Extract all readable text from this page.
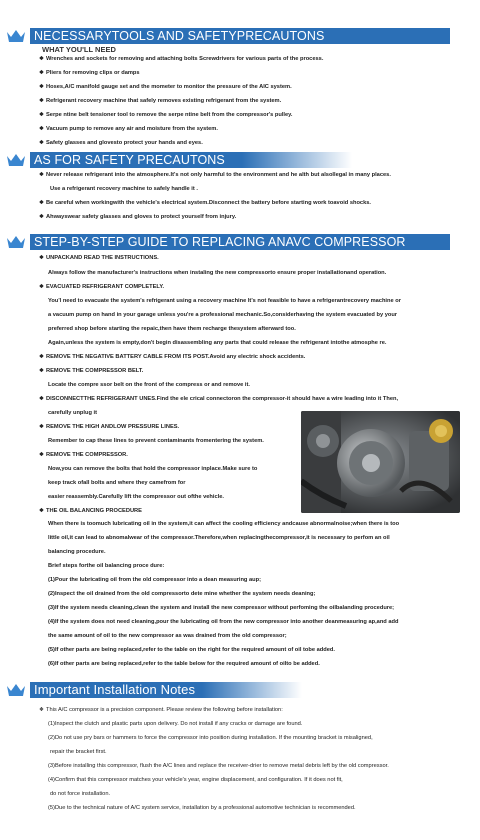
NECESSARYTOOLS AND SAFETYPRECAUTONS
WHAT YOU'LL NEED
❖ Wrenches and sockets for removing and attaching bolts Screwdrivers for various parts of the process.
❖ Pliers for removing clips or damps
❖ Hoses,A/C manifold gauge set and the mometer to monitor the pressure of the AIC system.
❖ Refrigerant recovery machine that safely removes existing refrigerant from the system.
❖ Serpe ntine belt tensioner tool to remove the serpe ntine belt from the compressor's pulley.
❖ Vacuum pump to remove any air and moisture from the system.
❖ Safety glasses and glovesto protect your hands and eyes.
AS FOR SAFETY PRECAUTONS
❖ Never release refrigerant into the atmosphere.It's not only harmful to the environment and he alth but alsollegal in many places.
Use a refrigerant recovery machine to safely handle it .
❖ Be careful when workingwith the vehicle's electrical system.Disconnect the battery before starting work toavoid shocks.
❖ Ahwayswear safety glasses and gloves to protect yourself from injury.
STEP-BY-STEP GUIDE TO REPLACING ANAVC COMPRESSOR
❖ UNPACKAND READ THE INSTRUCTIONS.
Always follow the manufacturer's instructions when instaling the new compressorto ensure proper installationand operation.
❖ EVACUATED REFRIGERANT COMPLETELY.
You'l need to evacuate the system's refrigerant using a recovery machine It's not feasible to have a refrigerantrecovery machine or
a vacuum pump on hand in your garage unless you're a professional mechanic.So,considerhaving the system evacuated by your
preferred shop before starting the repaic,then have them recharge thesystem afterward too.
Again,unless the system is empty,don't begin disassembling any parts that could release the refrigerant intothe atmosphe re.
❖ REMOVE THE NEGATIVE BATTERY CABLE FROM ITS POST.Avoid any electric shock accidents.
❖ REMOVE THE COMPRESSOR BELT.
Locate the compre ssor belt on the front of the compress or and remove it.
❖ DISCONNECTTHE REFRIGERANT UNES.Find the ele crical connectoron the compressor-it should have a wire leading into it Then,
carefully unplug it
❖ REMOVE THE HIGH ANDLOW PRESSURE LINES.
Remember to cap these lines to prevent contaminants fromentering the system.
❖ REMOVE THE COMPRESSOR.
Now,you can remove the bolts that hold the compressor inplace.Make sure to
keep track ofall bolts and where they camefrom for
easier reassembly.Carefully lift the compressor out ofthe vehicle.
❖ THE OIL BALANCING PROCEDURE
When there is toomuch lubricating oil in the system,it can affect the cooling efficiency andcause abnormalnoise;when there is too
little oil,it can lead to abnomalwear of the compressor.Therefore,when replacingthecompressor,it is necessary to perfom an oil
balancing procedure.
Brief steps forthe oil balancing proce dure:
(1)Pour the lubricating oil from the old compressor into a dean measuring aup;
(2)Inspect the oil drained from the old compressorto dete mine whether the system needs deaning;
(3)If the system needs cleaning,clean the system and install the new compressor without perfoming the oilbalanding procedure;
(4)If the system does not need cleaning,pour the lubricating oil from the new compressor into another deanmeasuring ap,and add
the same amount of oil to the new compressor as was drained from the old compressor;
(5)If other parts are being replaced,refer to the table on the right for the required amount of oil tobe added.
(6)If other parts are being replaced,refer to the table below for the required amount of oilto be added.
Important Installation Notes
❖ This A/C compressor is a precision component. Please review the following before installation:
(1)Inspect the clutch and plastic parts upon delivery. Do not install if any cracks or damage are found.
(2)Do not use pry bars or hammers to force the compressor into position during installation. If the mounting bracket is misaligned,
repair the bracket first.
(3)Before installing this compressor, flush the A/C lines and replace the receiver-drier to remove metal debris left by the old compressor.
(4)Confirm that this compressor matches your vehicle's year, engine displacement, and configuration. If it does not fit,
do not force installation.
(5)Due to the technical nature of A/C system service, installation by a professional automotive technician is recommended.
